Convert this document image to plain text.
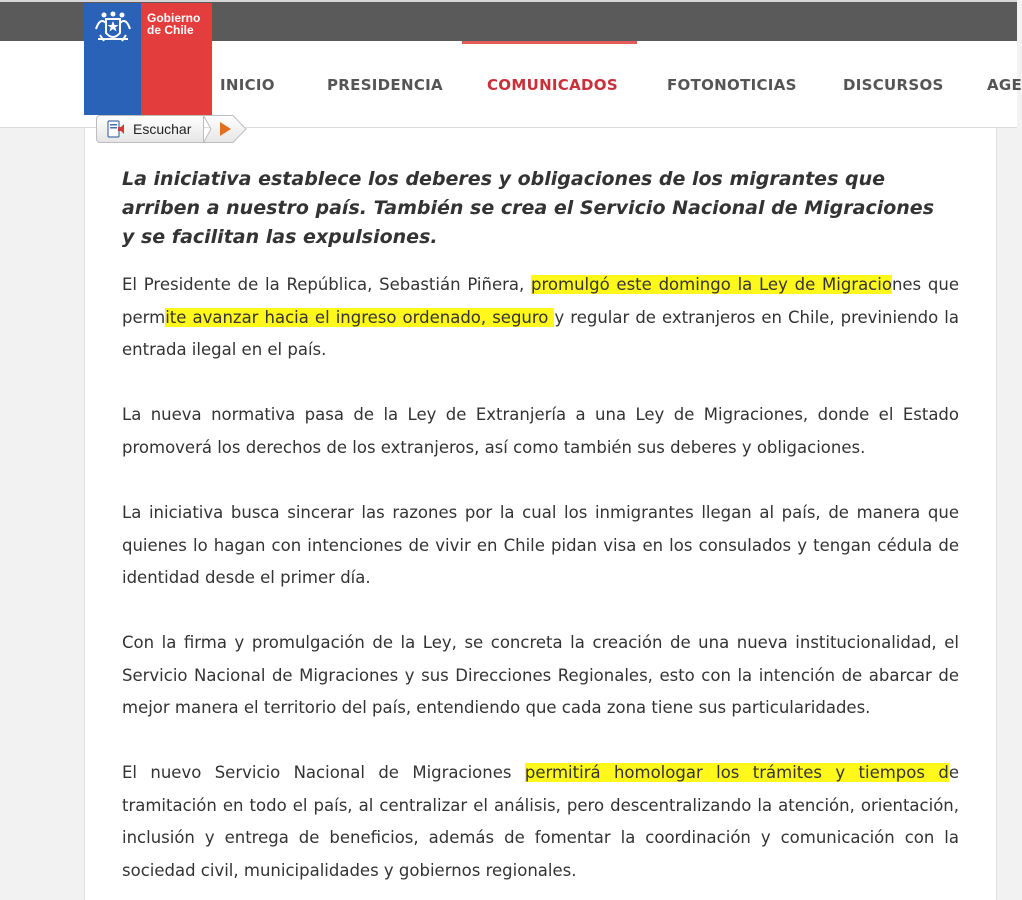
Gobierno
de Chile
INICIO	PRESIDENCIA	COMUNICADOS	FOTONOTICIAS	DISCURSOS	AGE
Escuchar
La iniciativa establece los deberes y obligaciones de los migrantes que arriben a nuestro país. También se crea el Servicio Nacional de Migraciones y se facilitan las expulsiones.
El Presidente de la República, Sebastián Piñera, promulgó este domingo la Ley de Migraciones que permite avanzar hacia el ingreso ordenado, seguro y regular de extranjeros en Chile, previniendo la entrada ilegal en el país.
La nueva normativa pasa de la Ley de Extranjería a una Ley de Migraciones, donde el Estado promoverá los derechos de los extranjeros, así como también sus deberes y obligaciones.
La iniciativa busca sincerar las razones por la cual los inmigrantes llegan al país, de manera que quienes lo hagan con intenciones de vivir en Chile pidan visa en los consulados y tengan cédula de identidad desde el primer día.
Con la firma y promulgación de la Ley, se concreta la creación de una nueva institucionalidad, el Servicio Nacional de Migraciones y sus Direcciones Regionales, esto con la intención de abarcar de mejor manera el territorio del país, entendiendo que cada zona tiene sus particularidades.
El nuevo Servicio Nacional de Migraciones permitirá homologar los trámites y tiempos de tramitación en todo el país, al centralizar el análisis, pero descentralizando la atención, orientación, inclusión y entrega de beneficios, además de fomentar la coordinación y comunicación con la sociedad civil, municipalidades y gobiernos regionales.
